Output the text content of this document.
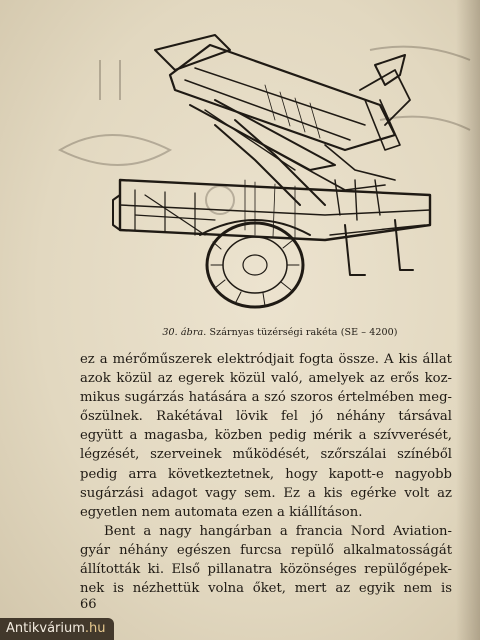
30. ábra. Szárnyas tüzérségi rakéta (SE – 4200)
ez a mérőműszerek elektródjait fogta össze. A kis állat
azok közül az egerek közül való, amelyek az erős koz-
mikus sugárzás hatására a szó szoros értelmében meg-
őszülnek. Rakétával lövik fel jó néhány társával
együtt a magasba, közben pedig mérik a szívverését,
légzését, szerveinek működését, szőrszálai színéből
pedig arra következtetnek, hogy kapott-e nagyobb
sugárzási adagot vagy sem. Ez a kis egérke volt az
egyetlen nem automata ezen a kiállításon.
Bent a nagy hangárban a francia Nord Aviation-
gyár néhány egészen furcsa repülő alkalmatosságát
állították ki. Első pillanatra közönséges repülőgépek-
nek is nézhettük volna őket, mert az egyik nem is
66
Antikvárium.hu
